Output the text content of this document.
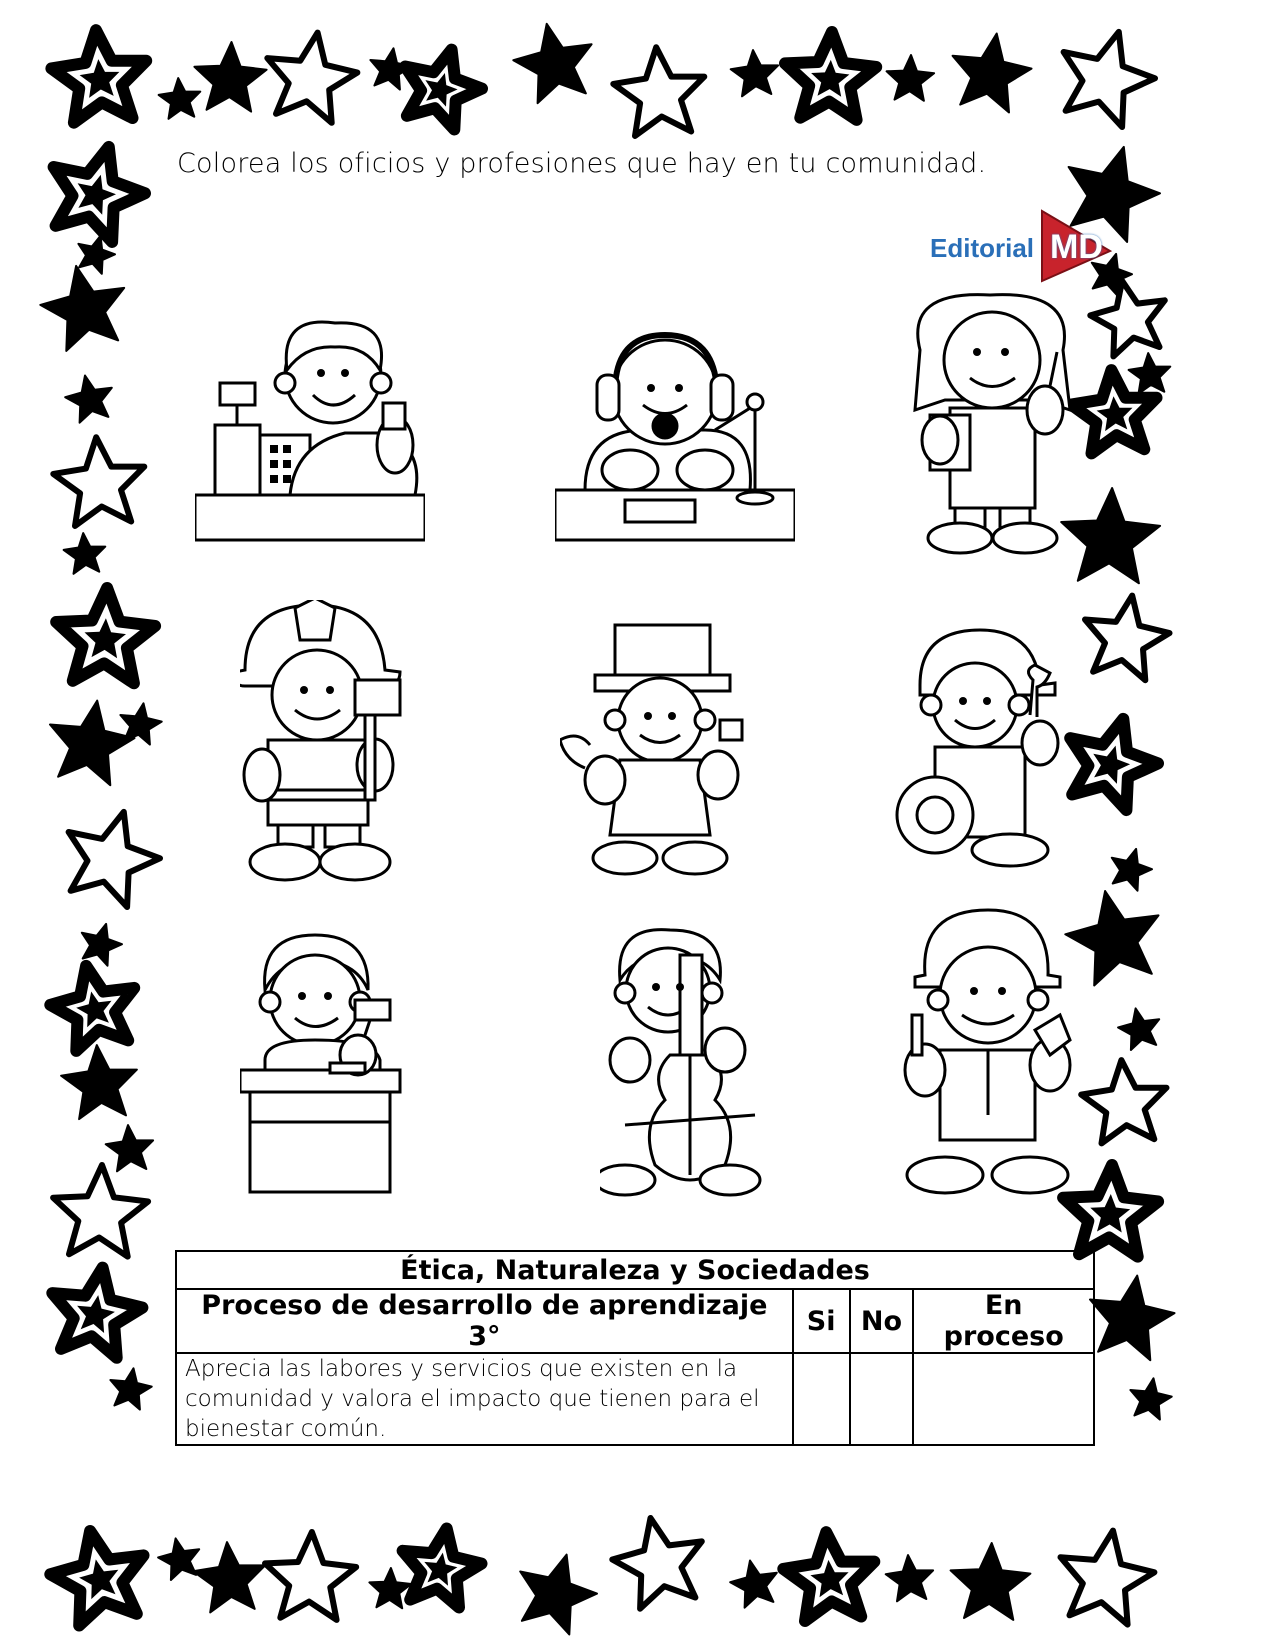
Colorea los oficios y profesiones que hay en tu comunidad.
Editorial MD
Ética, Naturaleza y Sociedades			
Proceso de desarrollo de aprendizaje 3°	Si	No	En proceso
Aprecia las labores y servicios que existen en la comunidad y valora el impacto que tienen para el bienestar común.			
